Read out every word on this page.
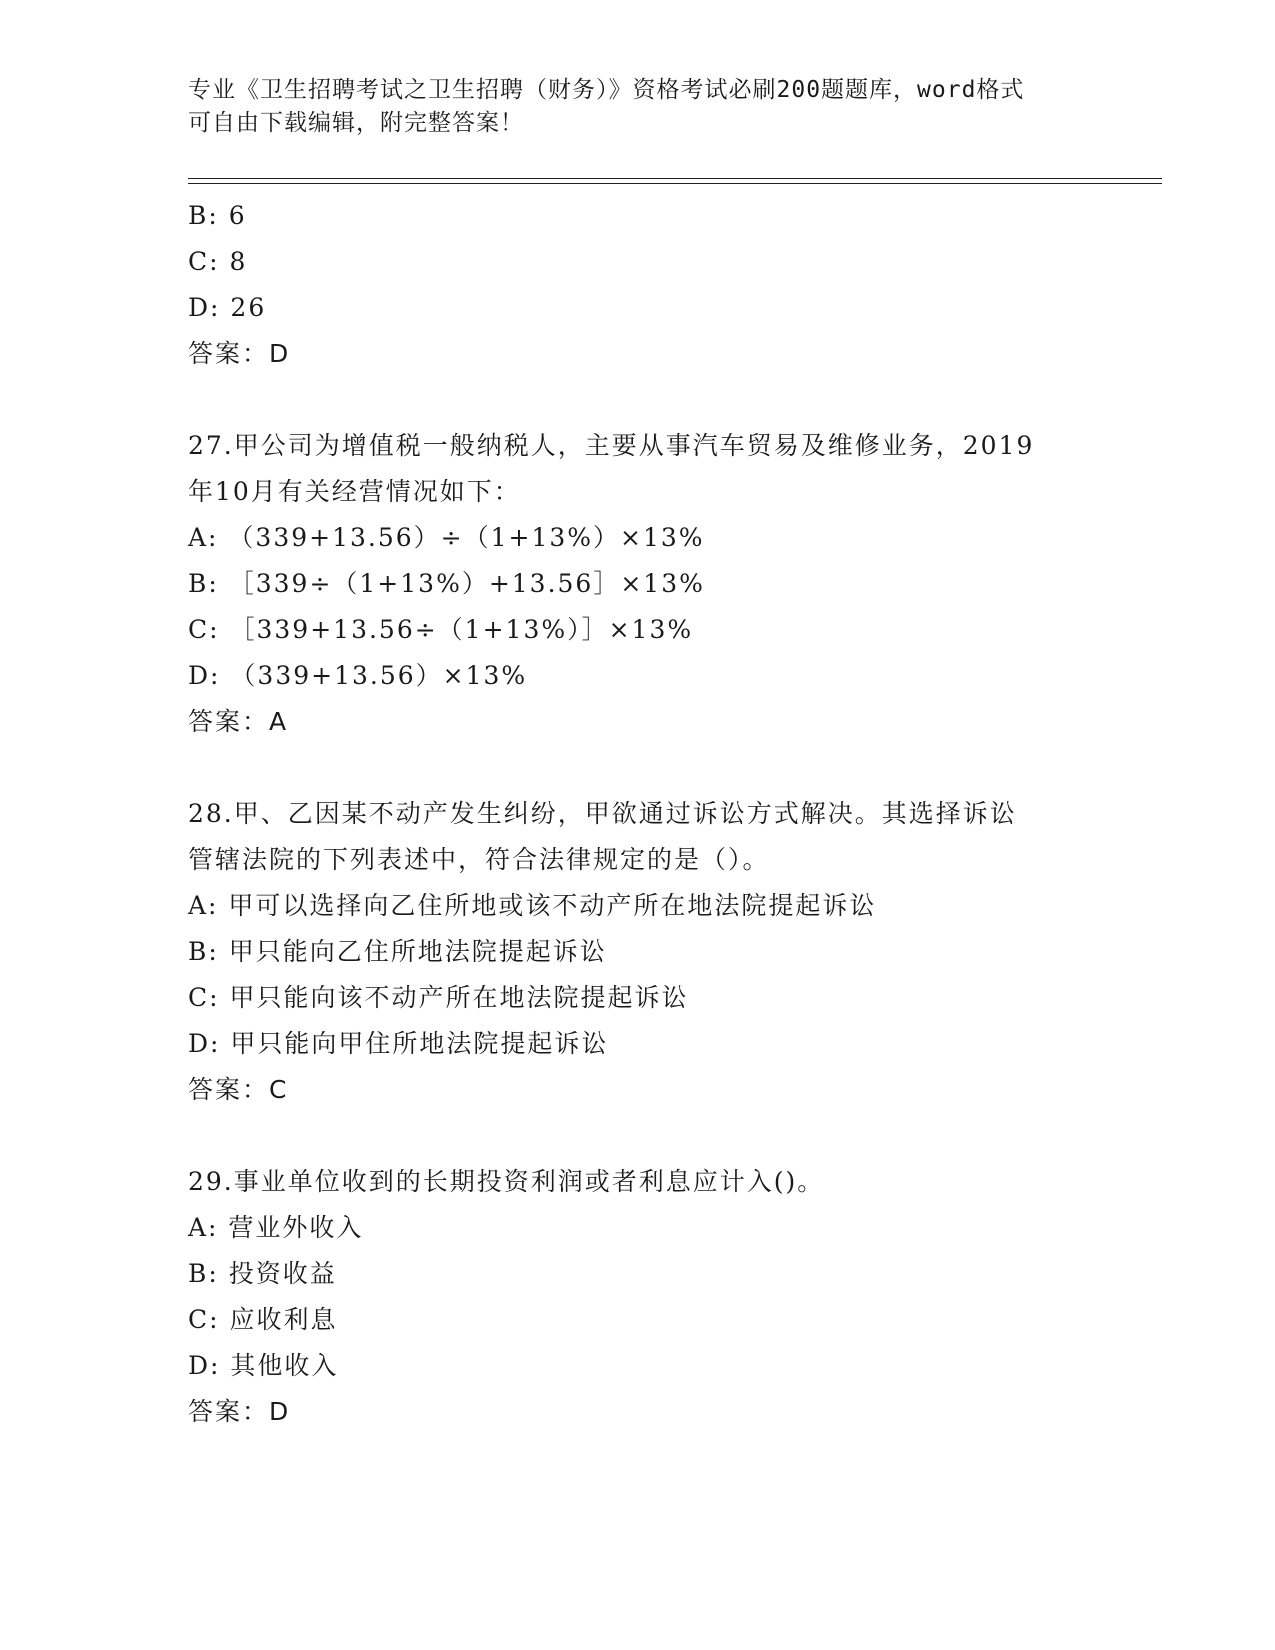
专业《卫生招聘考试之卫生招聘（财务）》资格考试必刷200题题库，word格式
可自由下载编辑，附完整答案！
B: 6
C: 8
D: 26
答案：D
27.甲公司为增值税一般纳税人，主要从事汽车贸易及维修业务，2019
年10月有关经营情况如下：
A: （339+13.56）÷（1+13%）×13%
B: ［339÷（1+13%）+13.56］×13%
C: ［339+13.56÷（1+13%）］×13%
D: （339+13.56）×13%
答案：A
28.甲、乙因某不动产发生纠纷，甲欲通过诉讼方式解决。其选择诉讼
管辖法院的下列表述中，符合法律规定的是（）。
A: 甲可以选择向乙住所地或该不动产所在地法院提起诉讼
B: 甲只能向乙住所地法院提起诉讼
C: 甲只能向该不动产所在地法院提起诉讼
D: 甲只能向甲住所地法院提起诉讼
答案：C
29.事业单位收到的长期投资利润或者利息应计入()。
A: 营业外收入
B: 投资收益
C: 应收利息
D: 其他收入
答案：D
